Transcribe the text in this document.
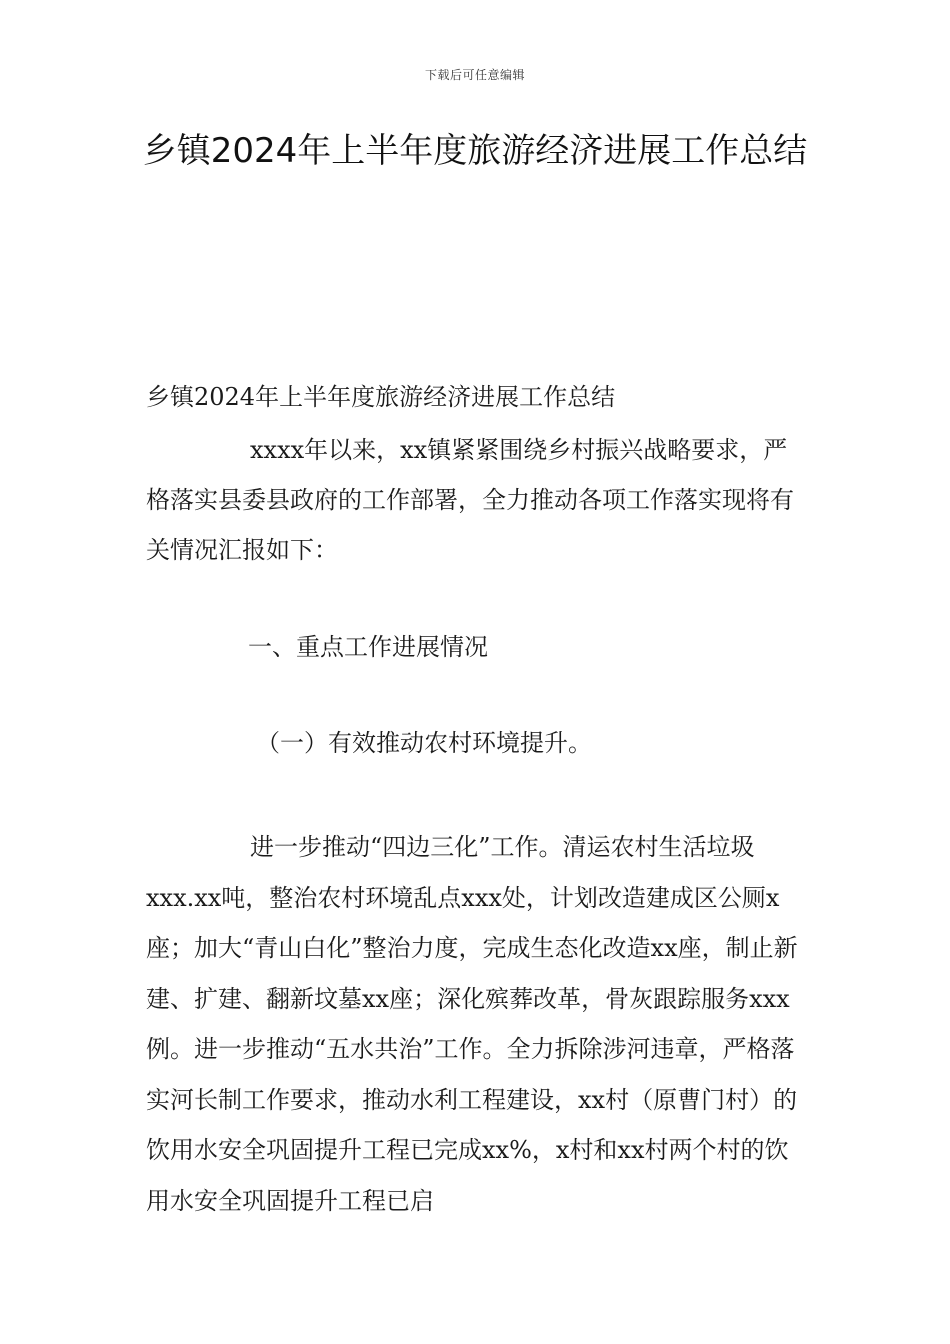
下载后可任意编辑
乡镇2024年上半年度旅游经济进展工作总结

乡镇2024年上半年度旅游经济进展工作总结

xxxx年以来，xx镇紧紧围绕乡村振兴战略要求，严格落实县委县政府的工作部署，全力推动各项工作落实现将有关情况汇报如下：

一、重点工作进展情况

（一）有效推动农村环境提升。

进一步推动“四边三化”工作。清运农村生活垃圾xxx.xx吨，整治农村环境乱点xxx处，计划改造建成区公厕x座；加大“青山白化”整治力度，完成生态化改造xx座，制止新建、扩建、翻新坟墓xx座；深化殡葬改革，骨灰跟踪服务xxx例。进一步推动“五水共治”工作。全力拆除涉河违章，严格落实河长制工作要求，推动水利工程建设，xx村（原曹门村）的饮用水安全巩固提升工程已完成xx%，x村和xx村两个村的饮用水安全巩固提升工程已启
